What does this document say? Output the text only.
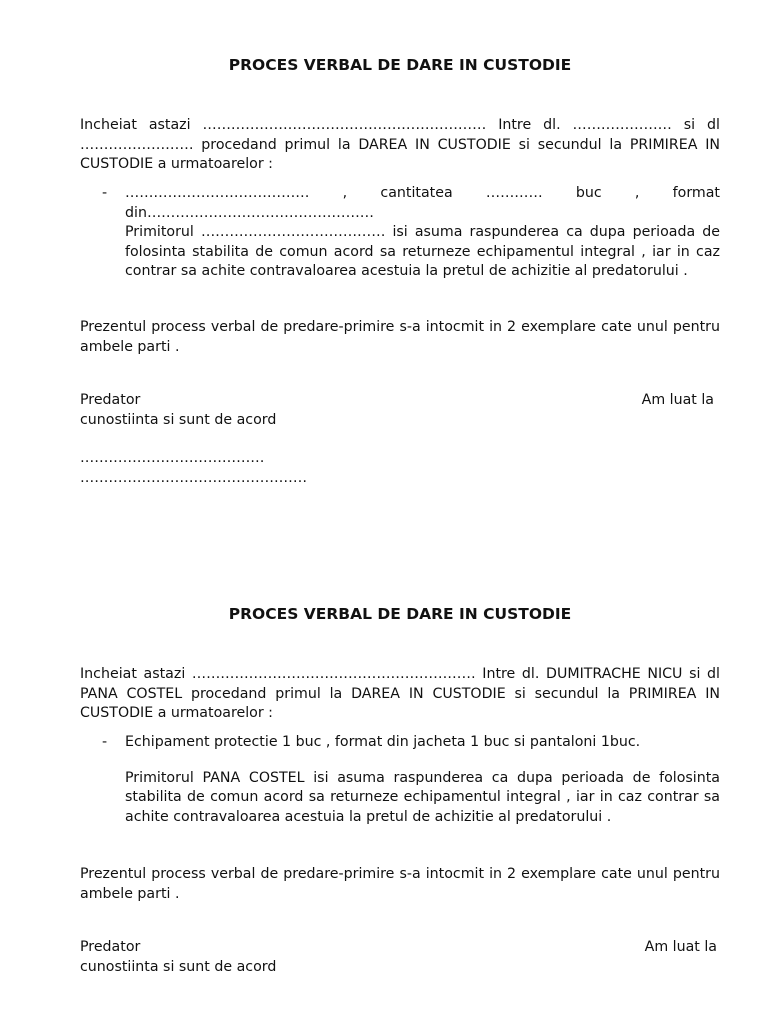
PROCES VERBAL DE DARE IN CUSTODIE

Incheiat astazi …………………………………………………… Intre dl. ………………… si dl …………………… procedand primul la DAREA IN CUSTODIE si secundul la PRIMIREA IN CUSTODIE a urmatoarelor :

- ………………………………… , cantitatea ………… buc , format din…………………………………………

Primitorul ………………………………… isi asuma raspunderea ca dupa perioada de folosinta stabilita de comun acord sa returneze echipamentul integral , iar in caz contrar sa achite contravaloarea acestuia la pretul de achizitie al predatorului .

Prezentul process verbal de predare-primire s-a intocmit in 2 exemplare cate unul pentru ambele parti .

Predator	Am luat la
cunostiinta si sunt de acord

…………………………………

…………………………………………

PROCES VERBAL DE DARE IN CUSTODIE

Incheiat astazi …………………………………………………… Intre dl. DUMITRACHE NICU si dl PANA COSTEL procedand primul la DAREA IN CUSTODIE si secundul la PRIMIREA IN CUSTODIE a urmatoarelor :

- Echipament protectie 1 buc , format din jacheta 1 buc si pantaloni 1buc.

Primitorul PANA COSTEL isi asuma raspunderea ca dupa perioada de folosinta stabilita de comun acord sa returneze echipamentul integral , iar in caz contrar sa achite contravaloarea acestuia la pretul de achizitie al predatorului .

Prezentul process verbal de predare-primire s-a intocmit in 2 exemplare cate unul pentru ambele parti .

Predator	Am luat la
cunostiinta si sunt de acord
